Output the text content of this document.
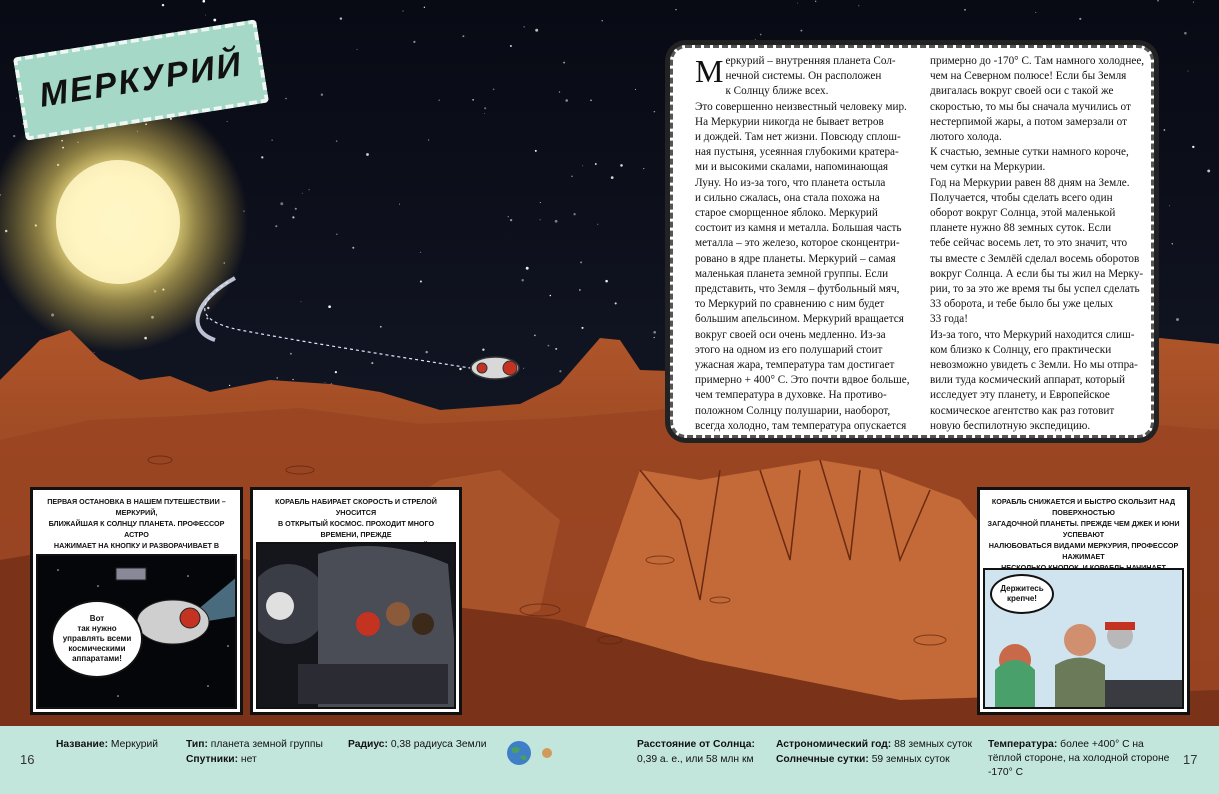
МЕРКУРИЙ	Меркурий – внутренняя планета Сол-
нечной системы. Он расположен
к Солнцу ближе всех.
Это совершенно неизвестный человеку мир.
На Меркурии никогда не бывает ветров
и дождей. Там нет жизни. Повсюду сплош-
ная пустыня, усеянная глубокими кратера-
ми и высокими скалами, напоминающая
Луну. Но из-за того, что планета остыла
и сильно сжалась, она стала похожа на
старое сморщенное яблоко. Меркурий
состоит из камня и металла. Большая часть
металла – это железо, которое сконцентри-
ровано в ядре планеты. Меркурий – самая
маленькая планета земной группы. Если
представить, что Земля – футбольный мяч,
то Меркурий по сравнению с ним будет
большим апельсином. Меркурий вращается
вокруг своей оси очень медленно. Из-за
этого на одном из его полушарий стоит
ужасная жара, температура там достигает
примерно + 400° С. Это почти вдвое больше,
чем температура в духовке. На противо-
положном Солнцу полушарии, наоборот,
всегда холодно, там температура опускается
примерно до -170° С. Там намного холоднее,
чем на Северном полюсе! Если бы Земля
двигалась вокруг своей оси с такой же
скоростью, то мы бы сначала мучились от
нестерпимой жары, а потом замерзали от
лютого холода.
К счастью, земные сутки намного короче,
чем сутки на Меркурии.
Год на Меркурии равен 88 дням на Земле.
Получается, чтобы сделать всего один
оборот вокруг Солнца, этой маленькой
планете нужно 88 земных суток. Если
тебе сейчас восемь лет, то это значит, что
ты вместе с Землёй сделал восемь оборотов
вокруг Солнца. А если бы ты жил на Мерку-
рии, то за это же время ты бы успел сделать
33 оборота, и тебе было бы уже целых
33 года!
Из-за того, что Меркурий находится слиш-
ком близко к Солнцу, его практически
невозможно увидеть с Земли. Но мы отпра-
вили туда космический аппарат, который
исследует эту планету, и Европейское
космическое агентство как раз готовит
новую беспилотную экспедицию.
ПЕРВАЯ ОСТАНОВКА В НАШЕМ ПУТЕШЕСТВИИ – МЕРКУРИЙ,
БЛИЖАЙШАЯ К СОЛНЦУ ПЛАНЕТА. ПРОФЕССОР АСТРО
НАЖИМАЕТ НА КНОПКУ И РАЗВОРАЧИВАЕТ В

Вот
так нужно
управлять всеми
космическими
аппаратами!
КОРАБЛЬ НАБИРАЕТ СКОРОСТЬ И СТРЕЛОЙ УНОСИТСЯ
В ОТКРЫТЫЙ КОСМОС. ПРОХОДИТ МНОГО ВРЕМЕНИ, ПРЕЖДЕ

КОРАБЛЬ СНИЖАЕТСЯ И БЫСТРО СКОЛЬЗИТ НАД ПОВЕРХНОСТЬЮ
ЗАГАДОЧНОЙ ПЛАНЕТЫ. ПРЕЖДЕ ЧЕМ ДЖЕК И ЮНИ УСПЕВАЮТ
НАЛЮБОВАТЬСЯ ВИДАМИ МЕРКУРИЯ, ПРОФЕССОР НАЖИМАЕТ

Держитесь
крепче!
16	17
Название: Меркурий	Тип: планета земной группы
Спутники: нет
Радиус: 0,38 радиуса Земли	Расстояние от Солнца:
0,39 а. е., или 58 млн км
Астрономический год: 88 земных суток
Солнечные сутки: 59 земных суток
Температура: более +400° С на тёплой стороне, на холодной стороне -170° С
